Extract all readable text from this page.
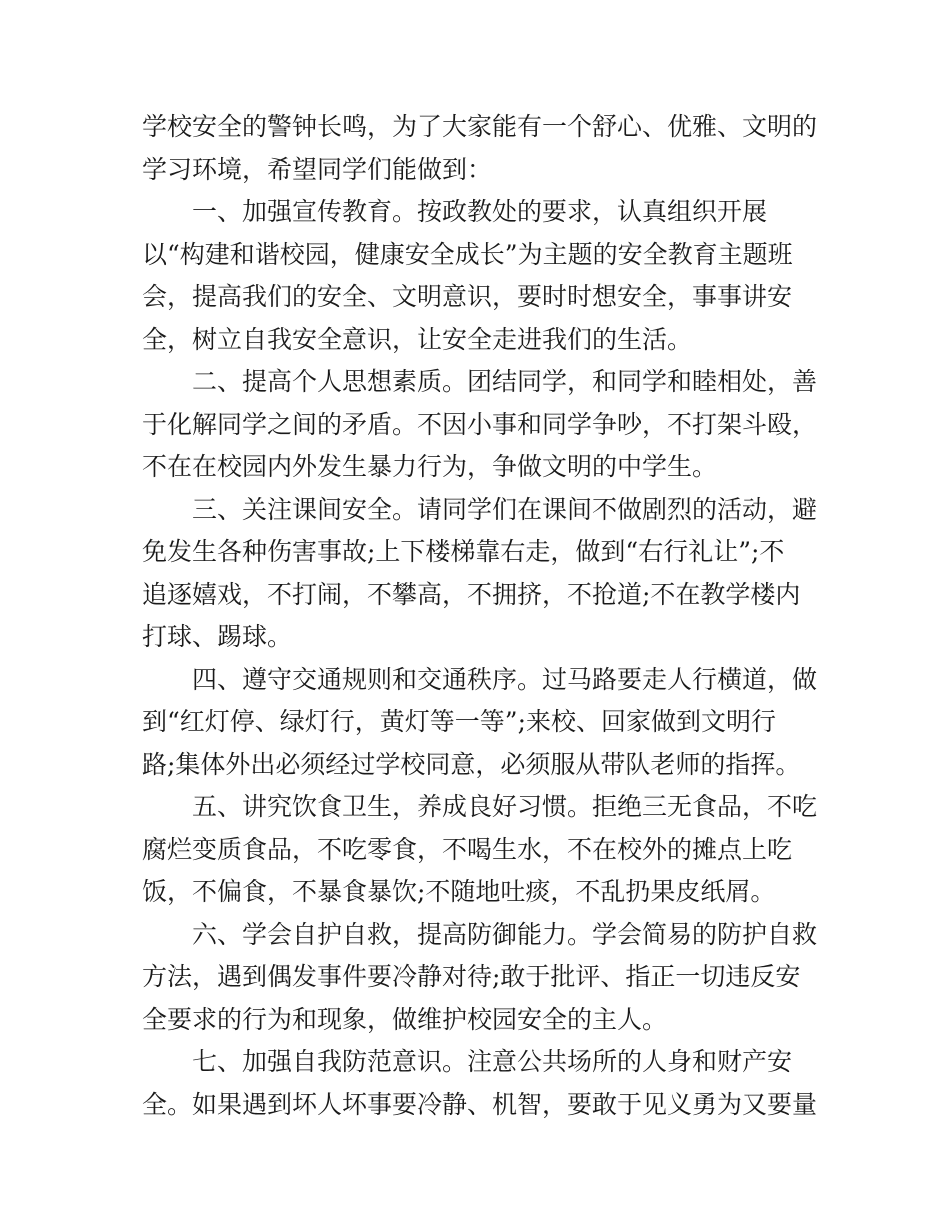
学校安全的警钟长鸣，为了大家能有一个舒心、优雅、文明的
学习环境，希望同学们能做到：
一、加强宣传教育。按政教处的要求，认真组织开展
以“构建和谐校园，健康安全成长”为主题的安全教育主题班
会，提高我们的安全、文明意识，要时时想安全，事事讲安
全，树立自我安全意识，让安全走进我们的生活。
二、提高个人思想素质。团结同学，和同学和睦相处，善
于化解同学之间的矛盾。不因小事和同学争吵，不打架斗殴，
不在在校园内外发生暴力行为，争做文明的中学生。
三、关注课间安全。请同学们在课间不做剧烈的活动，避
免发生各种伤害事故;上下楼梯靠右走，做到“右行礼让”;不
追逐嬉戏，不打闹，不攀高，不拥挤，不抢道;不在教学楼内
打球、踢球。
四、遵守交通规则和交通秩序。过马路要走人行横道，做
到“红灯停、绿灯行，黄灯等一等”;来校、回家做到文明行
路;集体外出必须经过学校同意，必须服从带队老师的指挥。
五、讲究饮食卫生，养成良好习惯。拒绝三无食品，不吃
腐烂变质食品，不吃零食，不喝生水，不在校外的摊点上吃
饭，不偏食，不暴食暴饮;不随地吐痰，不乱扔果皮纸屑。
六、学会自护自救，提高防御能力。学会简易的防护自救
方法，遇到偶发事件要冷静对待;敢于批评、指正一切违反安
全要求的行为和现象，做维护校园安全的主人。
七、加强自我防范意识。注意公共场所的人身和财产安
全。如果遇到坏人坏事要冷静、机智，要敢于见义勇为又要量
